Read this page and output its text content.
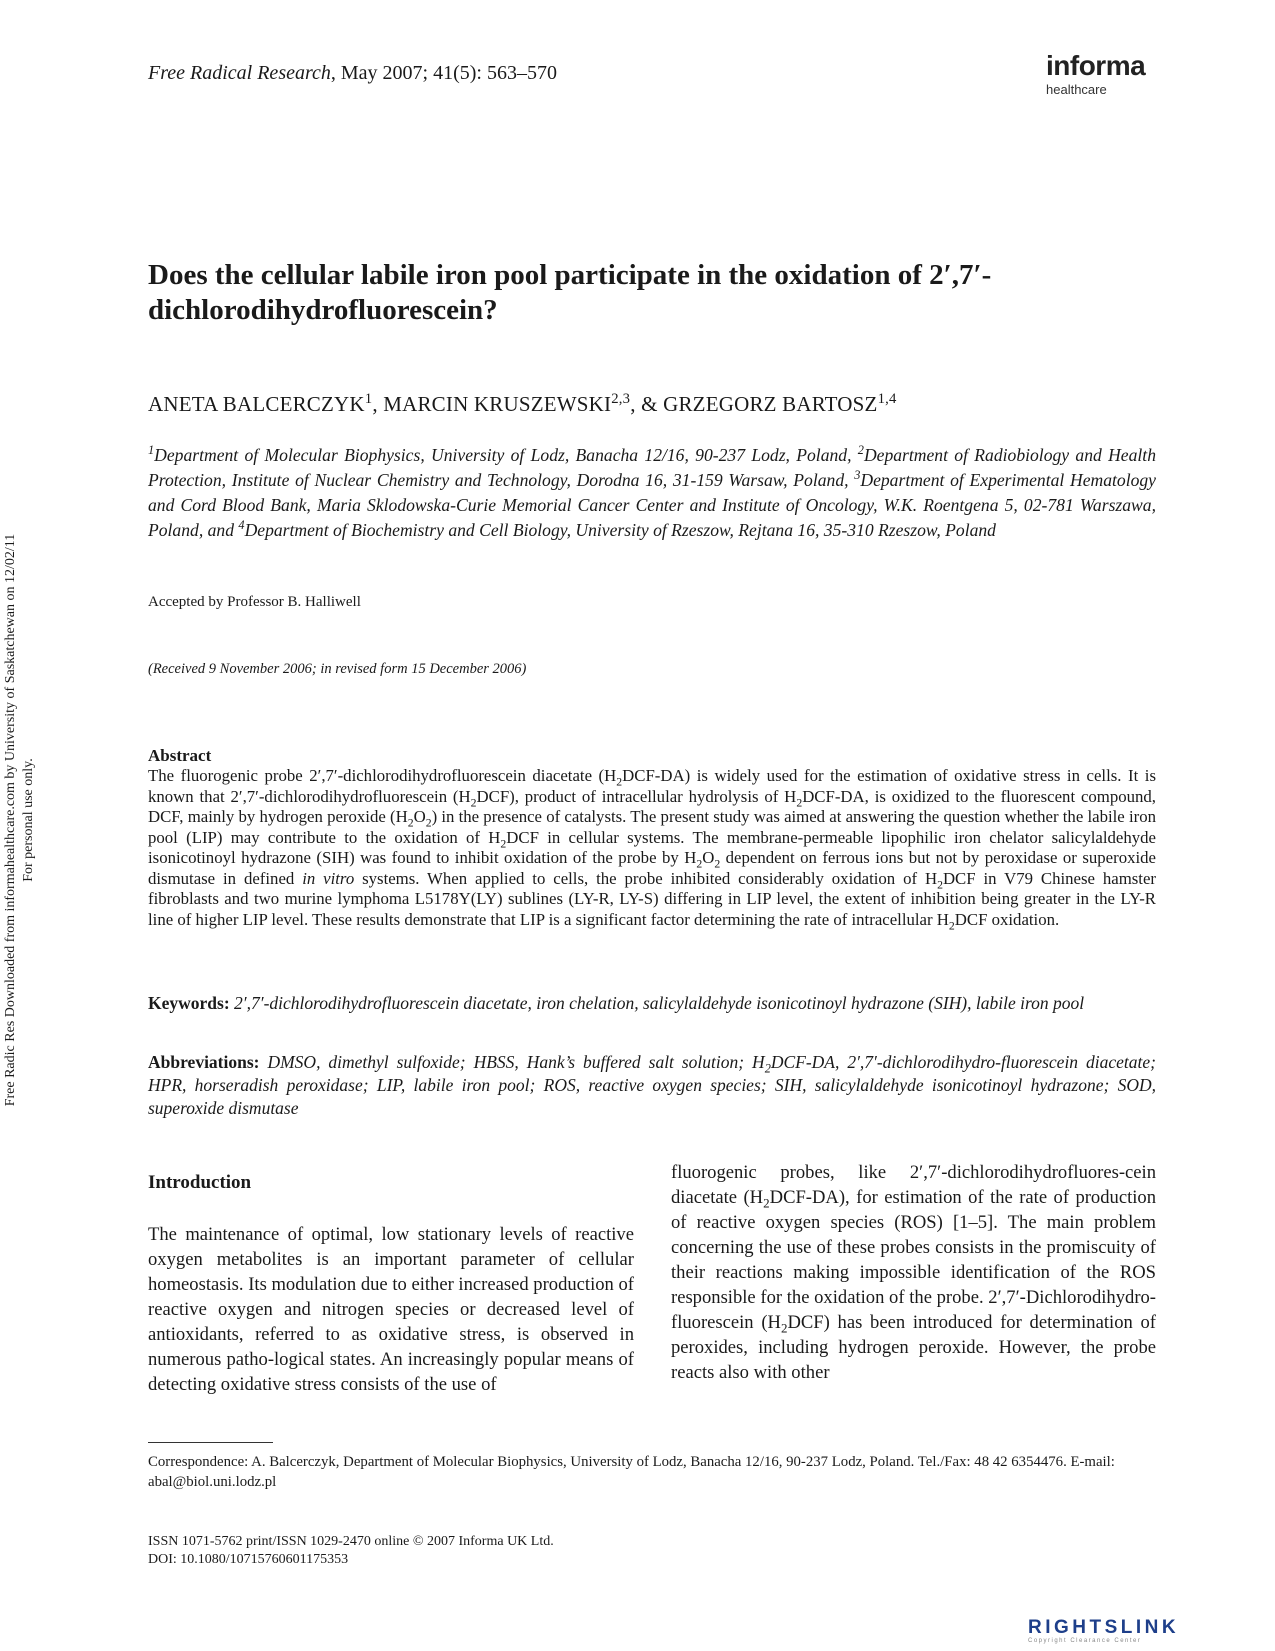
Free Radical Research, May 2007; 41(5): 563–570	informa
healthcare
Free Radic Res Downloaded from informahealthcare.com by University of Saskatchewan on 12/02/11 For personal use only.
Does the cellular labile iron pool participate in the oxidation of 2′,7′-dichlorodihydrofluorescein?
ANETA BALCERCZYK$^1$, MARCIN KRUSZEWSKI$^{2,3}$, & GRZEGORZ BARTOSZ$^{1,4}$
$^1$Department of Molecular Biophysics, University of Lodz, Banacha 12/16, 90-237 Lodz, Poland, $^2$Department of Radiobiology and Health Protection, Institute of Nuclear Chemistry and Technology, Dorodna 16, 31-159 Warsaw, Poland, $^3$Department of Experimental Hematology and Cord Blood Bank, Maria Sklodowska-Curie Memorial Cancer Center and Institute of Oncology, W.K. Roentgena 5, 02-781 Warszawa, Poland, and $^4$Department of Biochemistry and Cell Biology, University of Rzeszow, Rejtana 16, 35-310 Rzeszow, Poland
Accepted by Professor B. Halliwell
(Received 9 November 2006; in revised form 15 December 2006)
Abstract
The fluorogenic probe 2′,7′-dichlorodihydrofluorescein diacetate $(H_2DCF-DA)$ is widely used for the estimation of oxidative stress in cells. It is known that 2′,7′-dichlorodihydrofluorescein $(H_2DCF)$, product of intracellular hydrolysis of $H_2DCF-DA$, is oxidized to the fluorescent compound, DCF, mainly by hydrogen peroxide $(H_2O_2)$ in the presence of catalysts. The present study was aimed at answering the question whether the labile iron pool (LIP) may contribute to the oxidation of $H_2DCF$ in cellular systems. The membrane-permeable lipophilic iron chelator salicylaldehyde isonicotinoyl hydrazone (SIH) was found to inhibit oxidation of the probe by $H_2O_2$ dependent on ferrous ions but not by peroxidase or superoxide dismutase in defined in vitro systems. When applied to cells, the probe inhibited considerably oxidation of $H_2DCF$ in V79 Chinese hamster fibroblasts and two murine lymphoma L5178Y(LY) sublines (LY-R, LY-S) differing in LIP level, the extent of inhibition being greater in the LY-R line of higher LIP level. These results demonstrate that LIP is a significant factor determining the rate of intracellular $H_2DCF$ oxidation.
Keywords: 2′,7′-dichlorodihydrofluorescein diacetate, iron chelation, salicylaldehyde isonicotinoyl hydrazone (SIH), labile iron pool
Abbreviations: DMSO, dimethyl sulfoxide; HBSS, Hank’s buffered salt solution; $H_2DCF-DA$, 2′,7′-dichlorodihydro-fluorescein diacetate; HPR, horseradish peroxidase; LIP, labile iron pool; ROS, reactive oxygen species; SIH, salicylaldehyde isonicotinoyl hydrazone; SOD, superoxide dismutase
Introduction
The maintenance of optimal, low stationary levels of reactive oxygen metabolites is an important parameter of cellular homeostasis. Its modulation due to either increased production of reactive oxygen and nitrogen species or decreased level of antioxidants, referred to as oxidative stress, is observed in numerous patho-logical states. An increasingly popular means of detecting oxidative stress consists of the use of
fluorogenic probes, like 2′,7′-dichlorodihydrofluores-cein diacetate $(H_2DCF-DA)$, for estimation of the rate of production of reactive oxygen species (ROS) [1–5]. The main problem concerning the use of these probes consists in the promiscuity of their reactions making impossible identification of the ROS responsible for the oxidation of the probe. 2′,7′-Dichlorodihydro-fluorescein $(H_2DCF)$ has been introduced for determination of peroxides, including hydrogen peroxide. However, the probe reacts also with other
Correspondence: A. Balcerczyk, Department of Molecular Biophysics, University of Lodz, Banacha 12/16, 90-237 Lodz, Poland. Tel./Fax: 48 42 6354476. E-mail: abal@biol.uni.lodz.pl
ISSN 1071-5762 print/ISSN 1029-2470 online © 2007 Informa UK Ltd.
DOI: 10.1080/10715760601175353
RIGHTSLINK
Copyright Clearance Center
